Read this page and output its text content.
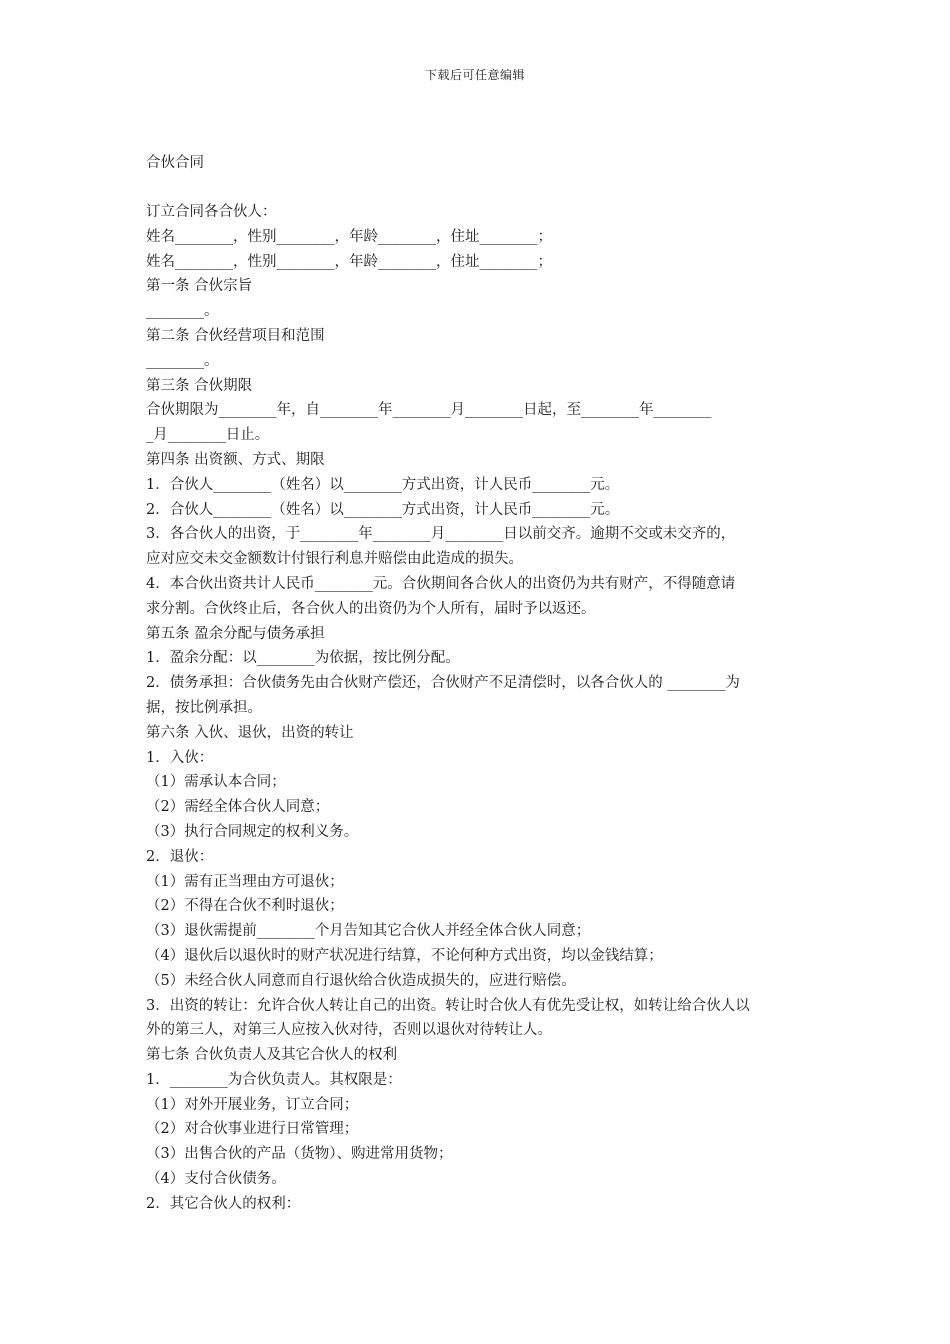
下载后可任意编辑
合伙合同

订立合同各合伙人：

姓名________，性别________，年龄________，住址________；

姓名________，性别________，年龄________，住址________；

第一条 合伙宗旨

________。

第二条 合伙经营项目和范围

________。

第三条 合伙期限

合伙期限为________年，自________年________月________日起，至________年________

_月________日止。

第四条 出资额、方式、期限

1．合伙人________（姓名）以________方式出资，计人民币________元。

2．合伙人________（姓名）以________方式出资，计人民币________元。

3．各合伙人的出资，于________年________月________日以前交齐。逾期不交或未交齐的，

应对应交未交金额数计付银行利息并赔偿由此造成的损失。

4．本合伙出资共计人民币________元。合伙期间各合伙人的出资仍为共有财产，不得随意请

求分割。合伙终止后，各合伙人的出资仍为个人所有，届时予以返还。

第五条 盈余分配与债务承担

1．盈余分配：以________为依据，按比例分配。

2．债务承担：合伙债务先由合伙财产偿还，合伙财产不足清偿时，以各合伙人的 ________为

据，按比例承担。

第六条 入伙、退伙，出资的转让

1．入伙：

（1）需承认本合同；

（2）需经全体合伙人同意；

（3）执行合同规定的权利义务。

2．退伙：

（1）需有正当理由方可退伙；

（2）不得在合伙不利时退伙；

（3）退伙需提前________个月告知其它合伙人并经全体合伙人同意；

（4）退伙后以退伙时的财产状况进行结算，不论何种方式出资，均以金钱结算；

（5）未经合伙人同意而自行退伙给合伙造成损失的，应进行赔偿。

3．出资的转让：允许合伙人转让自己的出资。转让时合伙人有优先受让权，如转让给合伙人以

外的第三人，对第三人应按入伙对待，否则以退伙对待转让人。

第七条 合伙负责人及其它合伙人的权利

1．________为合伙负责人。其权限是：

（1）对外开展业务，订立合同；

（2）对合伙事业进行日常管理；

（3）出售合伙的产品（货物）、购进常用货物；

（4）支付合伙债务。

2．其它合伙人的权利：
